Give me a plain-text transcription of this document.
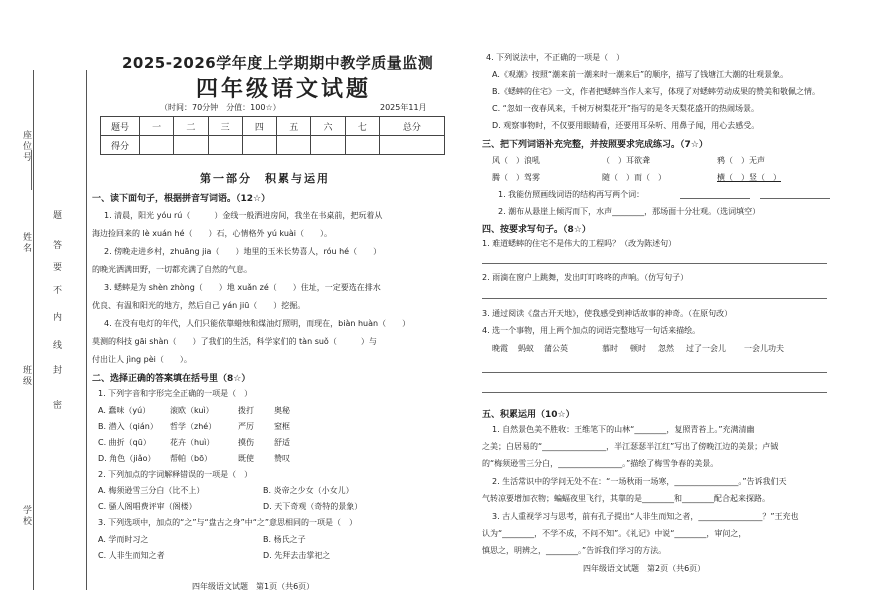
座位号
姓名
班级
学校
密
封
线
内
不
要
答
题
2025-2026学年度上学期期中教学质量监测
四年级语文试题
（时间：70分钟　分值：100☆）	2025年11月
题号	一	二	三	四	五	六	七	总分
得分								
第一部分　积累与运用
一、读下面句子，根据拼音写词语。（12☆）
1. 清晨，阳光 yóu rú（　　　）金线一般洒进房间，我坐在书桌前，把玩着从
海边捡回来的 lè xuán hé（　　）石，心情格外 yú kuài（　　）。
2. 傍晚走进乡村，zhuāng jia（　　）地里的玉米长势喜人，róu hé（　　）
的晚光洒满田野，一切都充满了自然的气息。
3. 蟋蟀是为 shèn zhòng（　　）地 xuǎn zé（　　）住址，一定要选在排水
优良、有温和阳光的地方，然后自己 yán jiū（　　）挖掘。
4. 在没有电灯的年代，人们只能依靠蜡烛和煤油灯照明，而现在，biàn huàn（　　）
莫测的科技 gāi shàn（　　）了我们的生活，科学家们的 tàn suǒ（　　　）与
付出让人 jìng pèi（　　）。
二、选择正确的答案填在括号里（8☆）
1. 下列字音和字形完全正确的一项是（　）
A. 蠢味（yú）	滚欧（kuì）	拨打	奥秘
B. 潜入（qián）	哲学（zhé）	严厉	窒框
C. 曲折（qū）	花卉（huì）	摸伤	舒适
D. 角色（jiǎo）	帮帕（bō）	既使	赞叹
2. 下列加点的字词解释错误的一项是（　）
A. 梅须逊雪三分白（比不上）	B. 炎帝之少女（小女儿）
C. 骚人阁唱费评审（阁楼）	D. 天下奇观（奇特的景象）
3. 下列选项中，加点的“之”与“盘古之身”中“之”意思相同的一项是（　）
A. 学而时习之	B. 杨氏之子
C. 人非生而知之者	D. 先拜去击掌祀之
四年级语文试题　第1页（共6页）
4. 下列说法中，不正确的一项是（　）
A.《观潮》按照“潮来前一潮来时一潮来后”的顺序，描写了钱塘江大潮的壮观景象。
B.《蟋蟀的住宅》一文，作者把蟋蟀当作人来写，体现了对蟋蟀劳动成果的赞美和敬佩之情。
C. “忽如一夜春风来，千树万树梨花开”指写的是冬天梨花盛开的热闹场景。
D. 观察事物时，不仅要用眼睛看，还要用耳朵听、用鼻子闻，用心去感受。
三、把下列词语补充完整，并按照要求完成练习。（7☆）
风（　）浪吼	（　）耳欲聋	鸦（　）无声
腾（　）驾雾	随（　）而（　）	横（　）竖（　）
1. 我能仿照画线词语的结构再写两个词：
2. 潮布从悬崖上倾泻而下，水声________，那场面十分壮观。（选词填空）
四、按要求写句子。（8☆）
1. 难道蟋蟀的住宅不是伟大的工程吗？（改为陈述句）
2. 雨滴在窗户上跳舞，发出叮叮咚咚的声响。（仿写句子）
3. 通过阅读《盘古开天地》，使我感受到神话故事的神奇。（在原句改）
4. 选一个事物，用上两个加点的词语完整地写一句话来描绘。
晚霞	蚂蚁	蒲公英	慕时	顿时	忽然	过了一会儿	一会儿功夫
五、积累运用（10☆）
1. 自然景色美不胜收：王维笔下的山林“________，复照青苔上。”充满清幽
之美；白居易的“________________，半江瑟瑟半江红”写出了傍晚江边的美景；卢钺
的“梅须逊雪三分白，________________。”描绘了梅雪争春的美景。
2. 生活常识中的学问无处不在：“一场秋雨一场寒，________________。”告诉我们天
气转凉要增加衣物；蝙蝠夜里飞行，其靠的是________和________配合起来探路。
3. 古人重视学习与思考，前有孔子提出“人非生而知之者，________________？”王充也
认为“________，不学不成，不问不知”。《礼记》中说“________，审问之，
慎思之，明辨之，________。”告诉我们学习的方法。
四年级语文试题　第2页（共6页）
